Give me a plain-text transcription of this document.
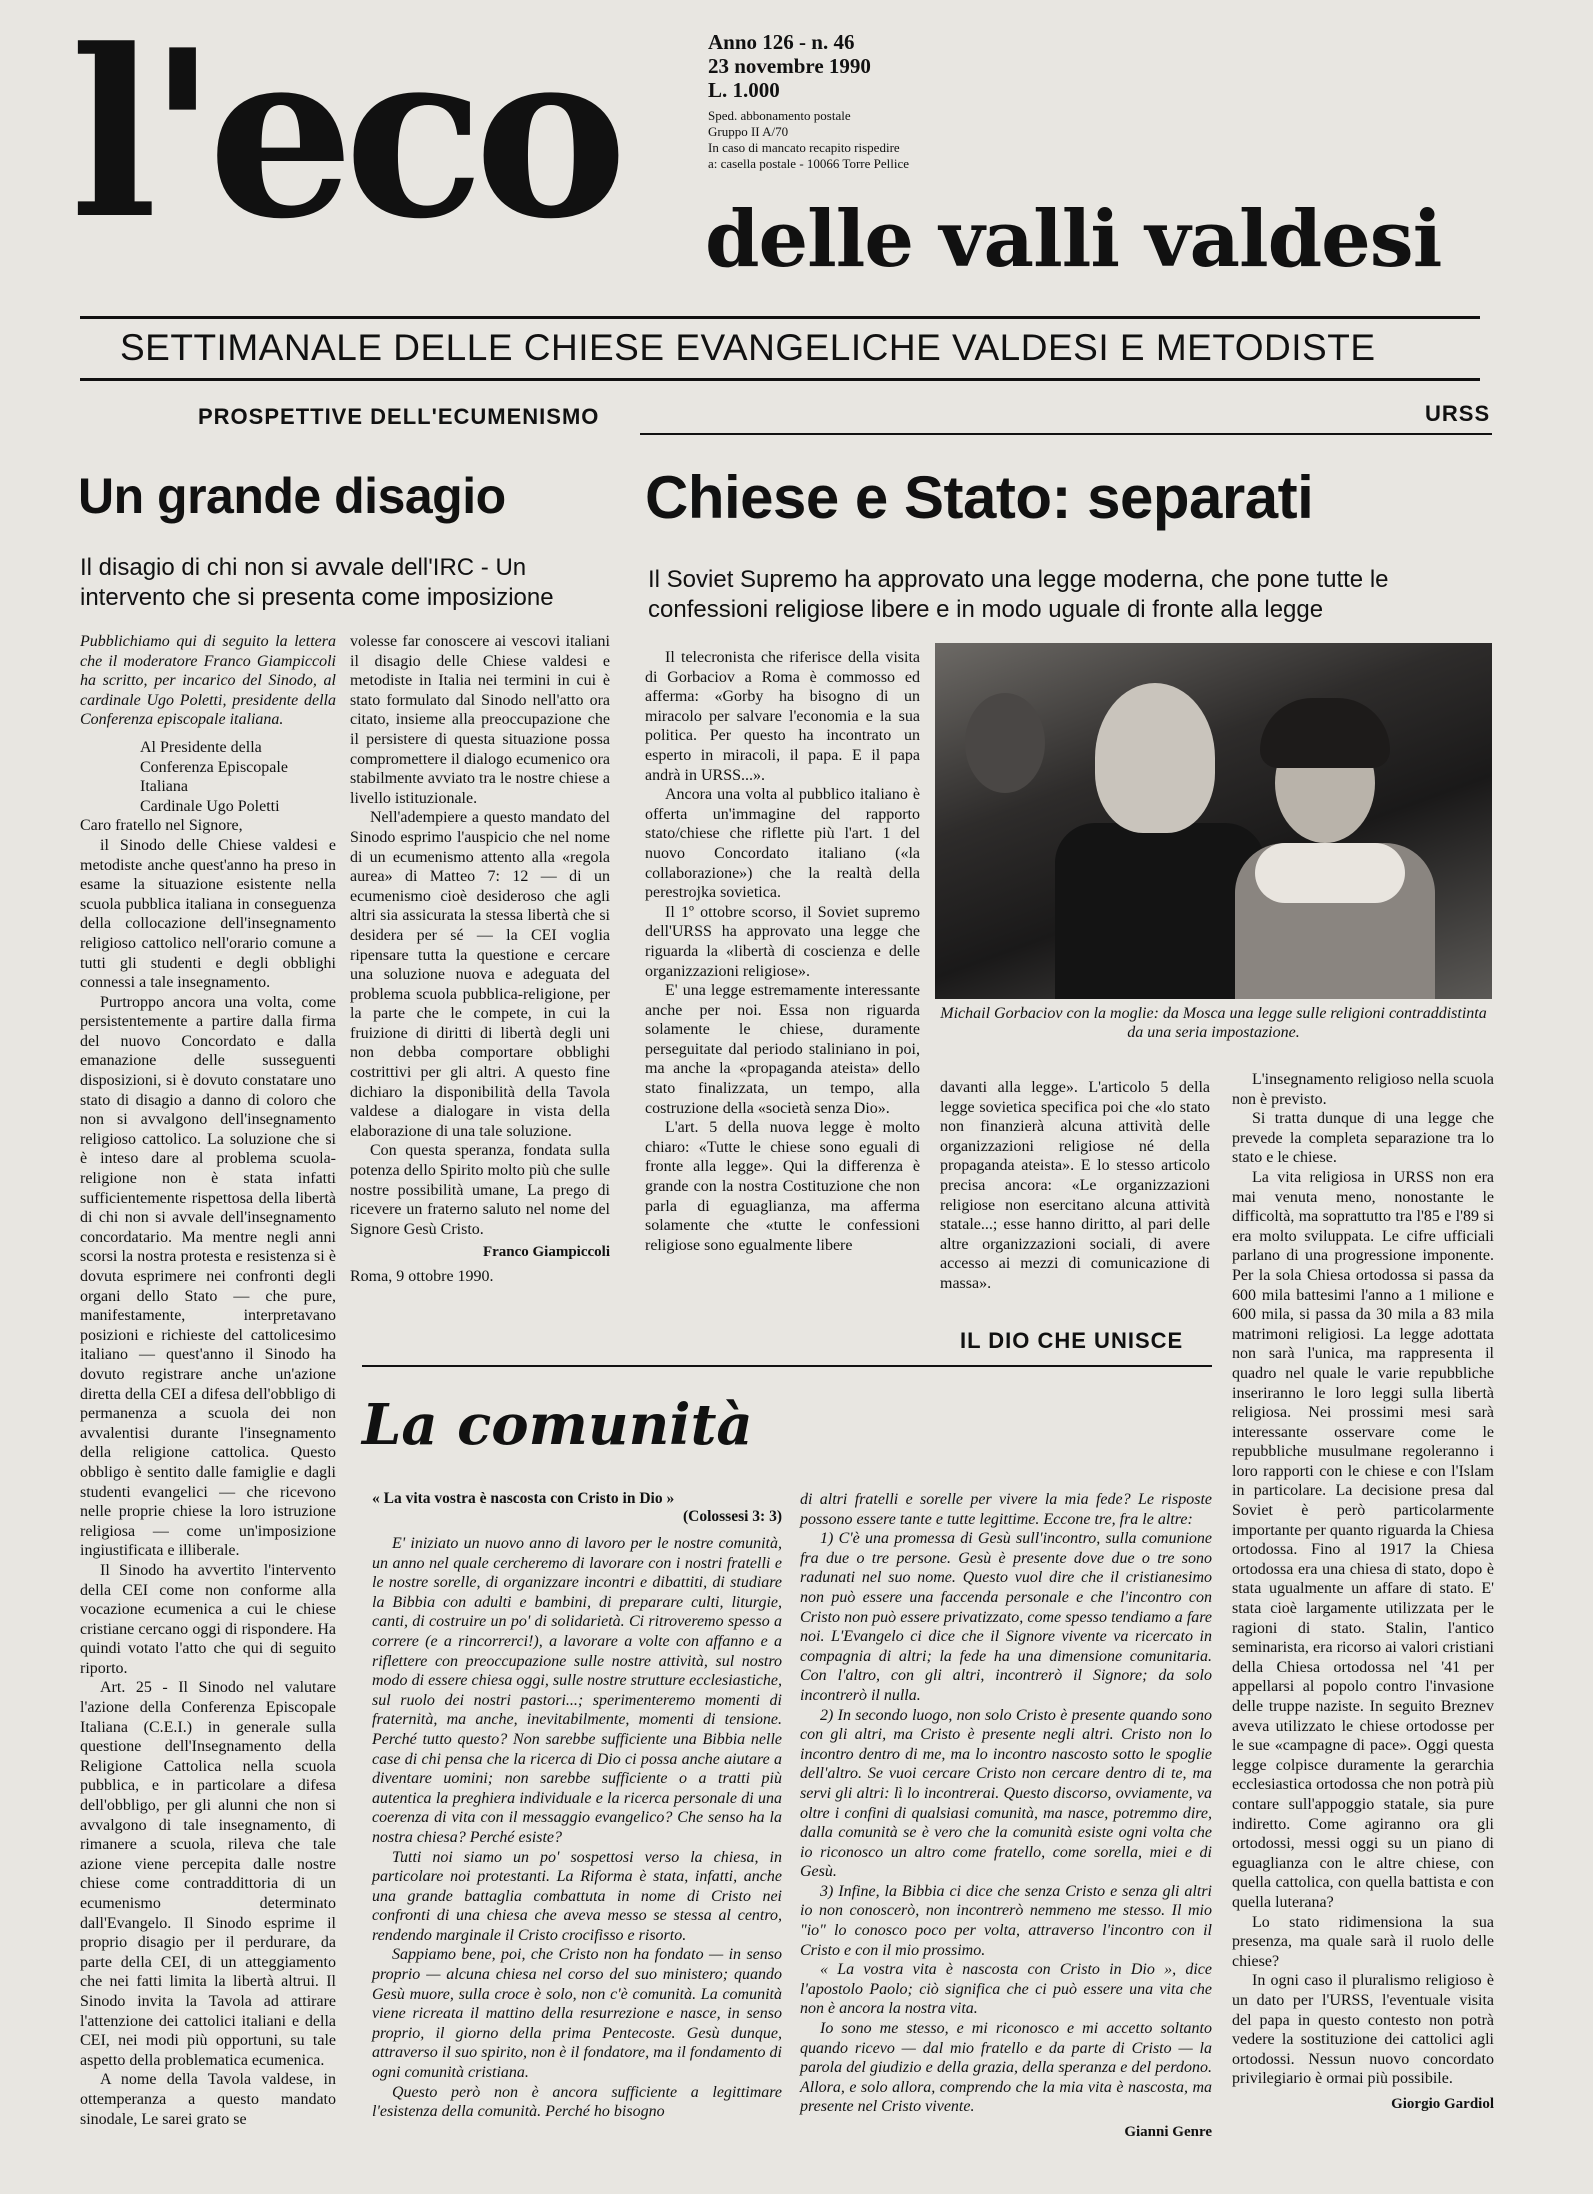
l'eco delle valli valdesi
Anno 126 - n. 46
23 novembre 1990
L. 1.000
Sped. abbonamento postale
Gruppo II A/70
In caso di mancato recapito rispedire
a: casella postale - 10066 Torre Pellice
SETTIMANALE DELLE CHIESE EVANGELICHE VALDESI E METODISTE
PROSPETTIVE DELL'ECUMENISMO
Un grande disagio
Il disagio di chi non si avvale dell'IRC - Un intervento che si presenta come imposizione

Pubblichiamo qui di seguito la lettera che il moderatore Franco Giampiccoli ha scritto, per incarico del Sinodo, al cardinale Ugo Poletti, presidente della Conferenza episcopale italiana.

Al Presidente della

Conferenza Episcopale

Italiana

Cardinale Ugo Poletti

Caro fratello nel Signore,

il Sinodo delle Chiese valdesi e metodiste anche quest'anno ha preso in esame la situazione esistente nella scuola pubblica italiana in conseguenza della collocazione dell'insegnamento religioso cattolico nell'orario comune a tutti gli studenti e degli obblighi connessi a tale insegnamento.

Purtroppo ancora una volta, come persistentemente a partire dalla firma del nuovo Concordato e dalla emanazione delle susseguenti disposizioni, si è dovuto constatare uno stato di disagio a danno di coloro che non si avvalgono dell'insegnamento religioso cattolico. La soluzione che si è inteso dare al problema scuola-religione non è stata infatti sufficientemente rispettosa della libertà di chi non si avvale dell'insegnamento concordatario. Ma mentre negli anni scorsi la nostra protesta e resistenza si è dovuta esprimere nei confronti degli organi dello Stato — che pure, manifestamente, interpretavano posizioni e richieste del cattolicesimo italiano — quest'anno il Sinodo ha dovuto registrare anche un'azione diretta della CEI a difesa dell'obbligo di permanenza a scuola dei non avvalentisi durante l'insegnamento della religione cattolica. Questo obbligo è sentito dalle famiglie e dagli studenti evangelici — che ricevono nelle proprie chiese la loro istruzione religiosa — come un'imposizione ingiustificata e illiberale.

Il Sinodo ha avvertito l'intervento della CEI come non conforme alla vocazione ecumenica a cui le chiese cristiane cercano oggi di rispondere. Ha quindi votato l'atto che qui di seguito riporto.

Art. 25 - Il Sinodo nel valutare l'azione della Conferenza Episcopale Italiana (C.E.I.) in generale sulla questione dell'Insegnamento della Religione Cattolica nella scuola pubblica, e in particolare a difesa dell'obbligo, per gli alunni che non si avvalgono di tale insegnamento, di rimanere a scuola, rileva che tale azione viene percepita dalle nostre chiese come contraddittoria di un ecumenismo determinato dall'Evangelo. Il Sinodo esprime il proprio disagio per il perdurare, da parte della CEI, di un atteggiamento che nei fatti limita la libertà altrui. Il Sinodo invita la Tavola ad attirare l'attenzione dei cattolici italiani e della CEI, nei modi più opportuni, su tale aspetto della problematica ecumenica.

A nome della Tavola valdese, in ottemperanza a questo mandato sinodale, Le sarei grato se

volesse far conoscere ai vescovi italiani il disagio delle Chiese valdesi e metodiste in Italia nei termini in cui è stato formulato dal Sinodo nell'atto ora citato, insieme alla preoccupazione che il persistere di questa situazione possa compromettere il dialogo ecumenico ora stabilmente avviato tra le nostre chiese a livello istituzionale.

Nell'adempiere a questo mandato del Sinodo esprimo l'auspicio che nel nome di un ecumenismo attento alla «regola aurea» di Matteo 7: 12 — di un ecumenismo cioè desideroso che agli altri sia assicurata la stessa libertà che si desidera per sé — la CEI voglia ripensare tutta la questione e cercare una soluzione nuova e adeguata del problema scuola pubblica-religione, per la parte che le compete, in cui la fruizione di diritti di libertà degli uni non debba comportare obblighi costrittivi per gli altri. A questo fine dichiaro la disponibilità della Tavola valdese a dialogare in vista della elaborazione di una tale soluzione.

Con questa speranza, fondata sulla potenza dello Spirito molto più che sulle nostre possibilità umane, La prego di ricevere un fraterno saluto nel nome del Signore Gesù Cristo.

Franco Giampiccoli

Roma, 9 ottobre 1990.

URSS
Chiese e Stato: separati
Il Soviet Supremo ha approvato una legge moderna, che pone tutte le confessioni religiose libere e in modo uguale di fronte alla legge

Il telecronista che riferisce della visita di Gorbaciov a Roma è commosso ed afferma: «Gorby ha bisogno di un miracolo per salvare l'economia e la sua politica. Per questo ha incontrato un esperto in miracoli, il papa. E il papa andrà in URSS...».

Ancora una volta al pubblico italiano è offerta un'immagine del rapporto stato/chiese che riflette più l'art. 1 del nuovo Concordato italiano («la collaborazione») che la realtà della perestrojka sovietica.

Il 1º ottobre scorso, il Soviet supremo dell'URSS ha approvato una legge che riguarda la «libertà di coscienza e delle organizzazioni religiose».

E' una legge estremamente interessante anche per noi. Essa non riguarda solamente le chiese, duramente perseguitate dal periodo staliniano in poi, ma anche la «propaganda ateista» dello stato finalizzata, un tempo, alla costruzione della «società senza Dio».

L'art. 5 della nuova legge è molto chiaro: «Tutte le chiese sono eguali di fronte alla legge». Qui la differenza è grande con la nostra Costituzione che non parla di eguaglianza, ma afferma solamente che «tutte le confessioni religiose sono egualmente libere

Michail Gorbaciov con la moglie: da Mosca una legge sulle religioni contraddistinta da una seria impostazione.

davanti alla legge». L'articolo 5 della legge sovietica specifica poi che «lo stato non finanzierà alcuna attività delle organizzazioni religiose né della propaganda ateista». E lo stesso articolo precisa ancora: «Le organizzazioni religiose non esercitano alcuna attività statale...; esse hanno diritto, al pari delle altre organizzazioni sociali, di avere accesso ai mezzi di comunicazione di massa».

L'insegnamento religioso nella scuola non è previsto.

Si tratta dunque di una legge che prevede la completa separazione tra lo stato e le chiese.

La vita religiosa in URSS non era mai venuta meno, nonostante le difficoltà, ma soprattutto tra l'85 e l'89 si era molto sviluppata. Le cifre ufficiali parlano di una progressione imponente. Per la sola Chiesa ortodossa si passa da 600 mila battesimi l'anno a 1 milione e 600 mila, si passa da 30 mila a 83 mila matrimoni religiosi. La legge adottata non sarà l'unica, ma rappresenta il quadro nel quale le varie repubbliche inseriranno le loro leggi sulla libertà religiosa. Nei prossimi mesi sarà interessante osservare come le repubbliche musulmane regoleranno i loro rapporti con le chiese e con l'Islam in particolare. La decisione presa dal Soviet è però particolarmente importante per quanto riguarda la Chiesa ortodossa. Fino al 1917 la Chiesa ortodossa era una chiesa di stato, dopo è stata ugualmente un affare di stato. E' stata cioè largamente utilizzata per le ragioni di stato. Stalin, l'antico seminarista, era ricorso ai valori cristiani della Chiesa ortodossa nel '41 per appellarsi al popolo contro l'invasione delle truppe naziste. In seguito Breznev aveva utilizzato le chiese ortodosse per le sue «campagne di pace». Oggi questa legge colpisce duramente la gerarchia ecclesiastica ortodossa che non potrà più contare sull'appoggio statale, sia pure indiretto. Come agiranno ora gli ortodossi, messi oggi su un piano di eguaglianza con le altre chiese, con quella cattolica, con quella battista e con quella luterana?

Lo stato ridimensiona la sua presenza, ma quale sarà il ruolo delle chiese?

In ogni caso il pluralismo religioso è un dato per l'URSS, l'eventuale visita del papa in questo contesto non potrà vedere la sostituzione dei cattolici agli ortodossi. Nessun nuovo concordato privilegiario è ormai più possibile.

Giorgio Gardiol
IL DIO CHE UNISCE
La comunità
« La vita vostra è nascosta con Cristo in Dio »
(Colossesi 3: 3)

E' iniziato un nuovo anno di lavoro per le nostre comunità, un anno nel quale cercheremo di lavorare con i nostri fratelli e le nostre sorelle, di organizzare incontri e dibattiti, di studiare la Bibbia con adulti e bambini, di preparare culti, liturgie, canti, di costruire un po' di solidarietà. Ci ritroveremo spesso a correre (e a rincorrerci!), a lavorare a volte con affanno e a riflettere con preoccupazione sulle nostre attività, sul nostro modo di essere chiesa oggi, sulle nostre strutture ecclesiastiche, sul ruolo dei nostri pastori...; sperimenteremo momenti di fraternità, ma anche, inevitabilmente, momenti di tensione. Perché tutto questo? Non sarebbe sufficiente una Bibbia nelle case di chi pensa che la ricerca di Dio ci possa anche aiutare a diventare uomini; non sarebbe sufficiente o a tratti più autentica la preghiera individuale e la ricerca personale di una coerenza di vita con il messaggio evangelico? Che senso ha la nostra chiesa? Perché esiste?

Tutti noi siamo un po' sospettosi verso la chiesa, in particolare noi protestanti. La Riforma è stata, infatti, anche una grande battaglia combattuta in nome di Cristo nei confronti di una chiesa che aveva messo se stessa al centro, rendendo marginale il Cristo crocifisso e risorto.

Sappiamo bene, poi, che Cristo non ha fondato — in senso proprio — alcuna chiesa nel corso del suo ministero; quando Gesù muore, sulla croce è solo, non c'è comunità. La comunità viene ricreata il mattino della resurrezione e nasce, in senso proprio, il giorno della prima Pentecoste. Gesù dunque, attraverso il suo spirito, non è il fondatore, ma il fondamento di ogni comunità cristiana.

Questo però non è ancora sufficiente a legittimare l'esistenza della comunità. Perché ho bisogno

di altri fratelli e sorelle per vivere la mia fede? Le risposte possono essere tante e tutte legittime. Eccone tre, fra le altre:

1) C'è una promessa di Gesù sull'incontro, sulla comunione fra due o tre persone. Gesù è presente dove due o tre sono radunati nel suo nome. Questo vuol dire che il cristianesimo non può essere una faccenda personale e che l'incontro con Cristo non può essere privatizzato, come spesso tendiamo a fare noi. L'Evangelo ci dice che il Signore vivente va ricercato in compagnia di altri; la fede ha una dimensione comunitaria. Con l'altro, con gli altri, incontrerò il Signore; da solo incontrerò il nulla.

2) In secondo luogo, non solo Cristo è presente quando sono con gli altri, ma Cristo è presente negli altri. Cristo non lo incontro dentro di me, ma lo incontro nascosto sotto le spoglie dell'altro. Se vuoi cercare Cristo non cercare dentro di te, ma servi gli altri: lì lo incontrerai. Questo discorso, ovviamente, va oltre i confini di qualsiasi comunità, ma nasce, potremmo dire, dalla comunità se è vero che la comunità esiste ogni volta che io riconosco un altro come fratello, come sorella, miei e di Gesù.

3) Infine, la Bibbia ci dice che senza Cristo e senza gli altri io non conoscerò, non incontrerò nemmeno me stesso. Il mio "io" lo conosco poco per volta, attraverso l'incontro con il Cristo e con il mio prossimo.

« La vostra vita è nascosta con Cristo in Dio », dice l'apostolo Paolo; ciò significa che ci può essere una vita che non è ancora la nostra vita.

Io sono me stesso, e mi riconosco e mi accetto soltanto quando ricevo — dal mio fratello e da parte di Cristo — la parola del giudizio e della grazia, della speranza e del perdono. Allora, e solo allora, comprendo che la mia vita è nascosta, ma presente nel Cristo vivente.

Gianni Genre
